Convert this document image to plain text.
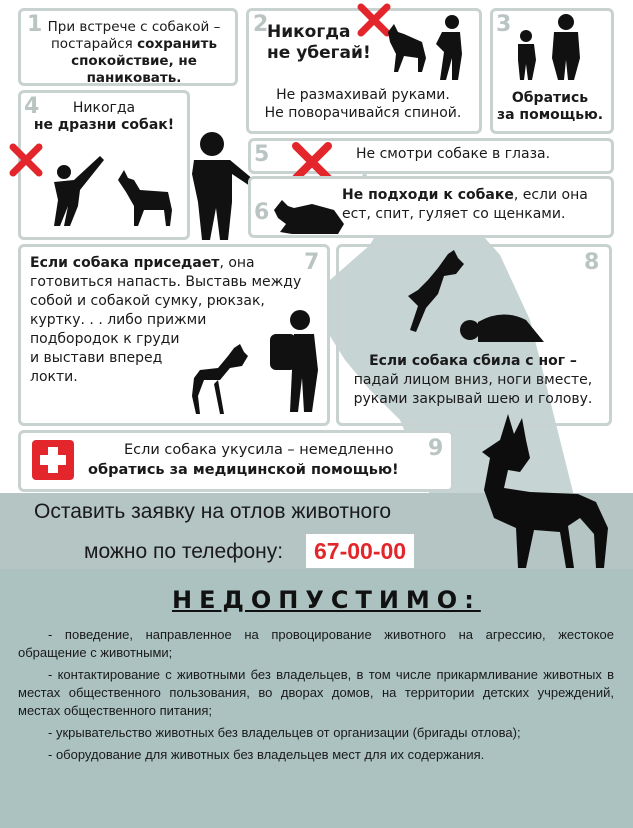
1 При встрече с собакой –
постарайся сохранить
спокойствие, не паниковать.
2
Никогда
не убегай!
Не размахивай руками.
Не поворачивайся спиной.
3
Обратись
за помощью.
4	Никогда
не дразни собак!
5	Не смотри собаке в глаза.
6
Не подходи к собаке, если она
ест, спит, гуляет со щенками.
7
Если собака приседает, она
готовиться напасть. Выставь между
собой и собакой сумку, рюкзак,
куртку. . . либо прижми
подбородок к груди
и выстави вперед
локти.
8
Если собака сбила с ног –
падай лицом вниз, ноги вместе,
руками закрывай шею и голову.
9
Если собака укусила – немедленно
обратись за медицинской помощью!
Оставить заявку на отлов животного
можно по телефону:	67-00-00
НЕДОПУСТИМО:
- поведение, направленное на провоцирование животного на агрессию, жестокое обращение с животными;
- контактирование с животными без владельцев, в том числе прикармливание животных в местах общественного пользования, во дворах домов, на территории детских учреждений, местах общественного питания;
- укрывательство животных без владельцев от организации (бригады отлова);
- оборудование для животных без владельцев мест для их содержания.
